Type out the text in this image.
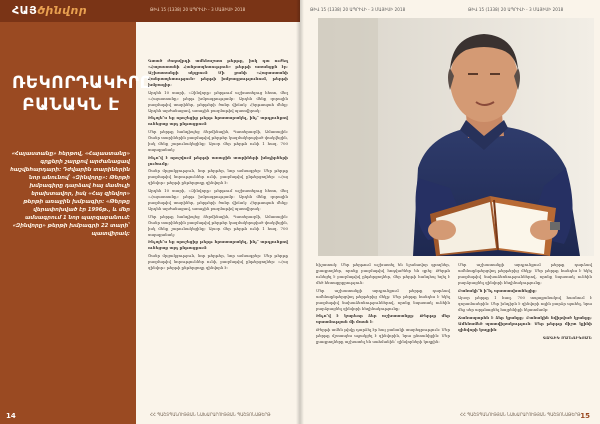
ՀԱՅծինվոր	ԹԻՎ 15 (1338) 20 ԱՊՐԻԼԻ - 3 ՄԱՅԻՍԻ 2018
ՌԵԿՈՐԴԱԿԻՐԸ
ԲԱՆԱԿՆ Է
«Հայաստանը» հերթով, «Հայաստանը» գրքերի շարքով արժանացավ հաշվեհարդարի։ Դժվարին տարիներին նոր անունով՝ «Զինվորը»։ Թերթի խմբագիրը դարձավ հայ մամուլի երախտավոր, իսկ «Հայ զինվոր» թերթի առաջին խմբագիր։ «Թերթը վերափոխված էր 1996թ., և մեր ամսագրում 1 նոր պարզաբանում։ «Զինվորը» թերթի խմբագրի 22 տարի՝ պատվիրակ։

Գտած ժողովրդի ամենաշատ թերթը, իսկ դա ուժեղ «Հայաստանի Հանրապետություն» թերթի առանցքն էր։ Աշխատանքի սկզբում։ Մի քանի «Հայաստանի Հանրապետություն» թերթի խմբագրությունում, թերթի խմբագիր։

Արդեն 10 տարի, «Զինվորը» թերթում աշխատելուց հետո, մեզ «Հայաստանը» թերթ խմբագրությամբ։ Արդեն մենք զորային բազմաթիվ տարիներ, թերթերի ծանր վիճակ։ Հերթապահ մենք։ Արդեն արժանացավ, առաջին բազմաթիվ պատվիրակ։

Ինչպե՞ս եք որոշեցիք թերթ հրատարակել, ինչ՞ արդյունքով ունեցաք այդ ընթացքում։

Մեր թերթը հանդիպեց Տերմինային, Պատերազմի, Ամառային։ Ծանր տարիներին բազմաթիվ թերթեր կազմակերպված փակվեցին, իսկ մենք շարունակեցինք։ Այսօր մեր թերթն ունի 1 հազ. 700 տպաքանակ։

Ինչո՞վ է որոշվում թերթի առաջին տարիների խնդիրների լուծումը։

Ծանր մրցակցություն, նոր թերթեր, նոր ամսագրեր։ Մեր թերթը բազմաթիվ նորություններ ունի, բազմաթիվ ընթերցողներ։ «Հայ զինվոր» թերթի ընթերցողը զինվորն է։

Արդեն 10 տարի, «Զինվորը» թերթում աշխատելուց հետո, մեզ «Հայաստանը» թերթ խմբագրությամբ։ Արդեն մենք զորային բազմաթիվ տարիներ, թերթերի ծանր վիճակ։ Հերթապահ մենք։ Արդեն արժանացավ, առաջին բազմաթիվ պատվիրակ։

Մեր թերթը հանդիպեց Տերմինային, Պատերազմի, Ամառային։ Ծանր տարիներին բազմաթիվ թերթեր կազմակերպված փակվեցին, իսկ մենք շարունակեցինք։ Այսօր մեր թերթն ունի 1 հազ. 700 տպաքանակ։

Ինչպե՞ս եք որոշեցիք թերթ հրատարակել, ինչ՞ արդյունքով ունեցաք այդ ընթացքում։

Ծանր մրցակցություն, նոր թերթեր, նոր ամսագրեր։ Մեր թերթը բազմաթիվ նորություններ ունի, բազմաթիվ ընթերցողներ։ «Հայ զինվոր» թերթի ընթերցողը զինվորն է։

ՀՀ ՊԱՇՏՊԱՆՈՒԹՅԱՆ ՆԱԽԱՐԱՐՈՒԹՅԱՆ ՊԱՇՏՈՆԱԹԵՐԹ
14
ԹԻՎ 15 (1338) 20 ԱՊՐԻԼԻ - 3 ՄԱՅԻՍԻ 2018	ԹԻՎ 15 (1338) 20 ԱՊՐԻԼԻ - 3 ՄԱՅԻՍԻ 2018

հիշատակ։ Մեր թերթում աշխատել են նշանավոր գրողներ, լրագրողներ, որոնք բազմաթիվ հոդվածներ են գրել։ Թերթն ունեցել է բազմաթիվ ընթերցողներ, մեր թերթի հանդեպ եղել է մեծ հետաքրքրություն։

Մեր աշխատանքի արդյունքում թերթը դարձավ ամենաընթերցվող թերթերից մեկը։ Մեր թերթը հանդես է եկել բազմաթիվ նախաձեռնություններով, որոնք նպատակ ունեին բարձրացնել զինվորի հեղինակությունը։

Ինչո՞վ է կարևոր ձեր աշխատանքը։ Թերթը մեր պատմության մի մասն է։

Թերթի ամեն թիվը դարձել էր հայ բանակի տարեգրություն։ Մեր թերթը մշտապես աջակցել է զինվորին, նրա ընտանիքին։ Մեր լրագրողները աշխատել են սահմանին՝ զինվորների կողքին։

Մեր աշխատանքի արդյունքում թերթը դարձավ ամենաընթերցվող թերթերից մեկը։ Մեր թերթը հանդես է եկել բազմաթիվ նախաձեռնություններով, որոնք նպատակ ունեին բարձրացնել զինվորի հեղինակությունը։

Բանակի՞ն ի՞նչ պատասխանեցիք։

Այսօր թերթը 1 հազ. 700 տպաքանակով հասնում է զորամասերին։ Մեր խնդիրն է զինվորի ոգին բարձր պահել, նրա մեջ սեր արթնացնել հայրենիքի նկատմամբ։

Ճանապարհն է ձեր կյանքը։ Բանակին նվիրված կյանքը։ Ամենամեծ պատվիրակություն։ Մեր թերթը միշտ կլինի զինվորի կողքին։

ԳԱԳԻԿ ՄԱՆՈՒԿՅԱՆ
ՀՀ ՊԱՇՏՊԱՆՈՒԹՅԱՆ ՆԱԽԱՐԱՐՈՒԹՅԱՆ ՊԱՇՏՈՆԱԹԵՐԹ 15
